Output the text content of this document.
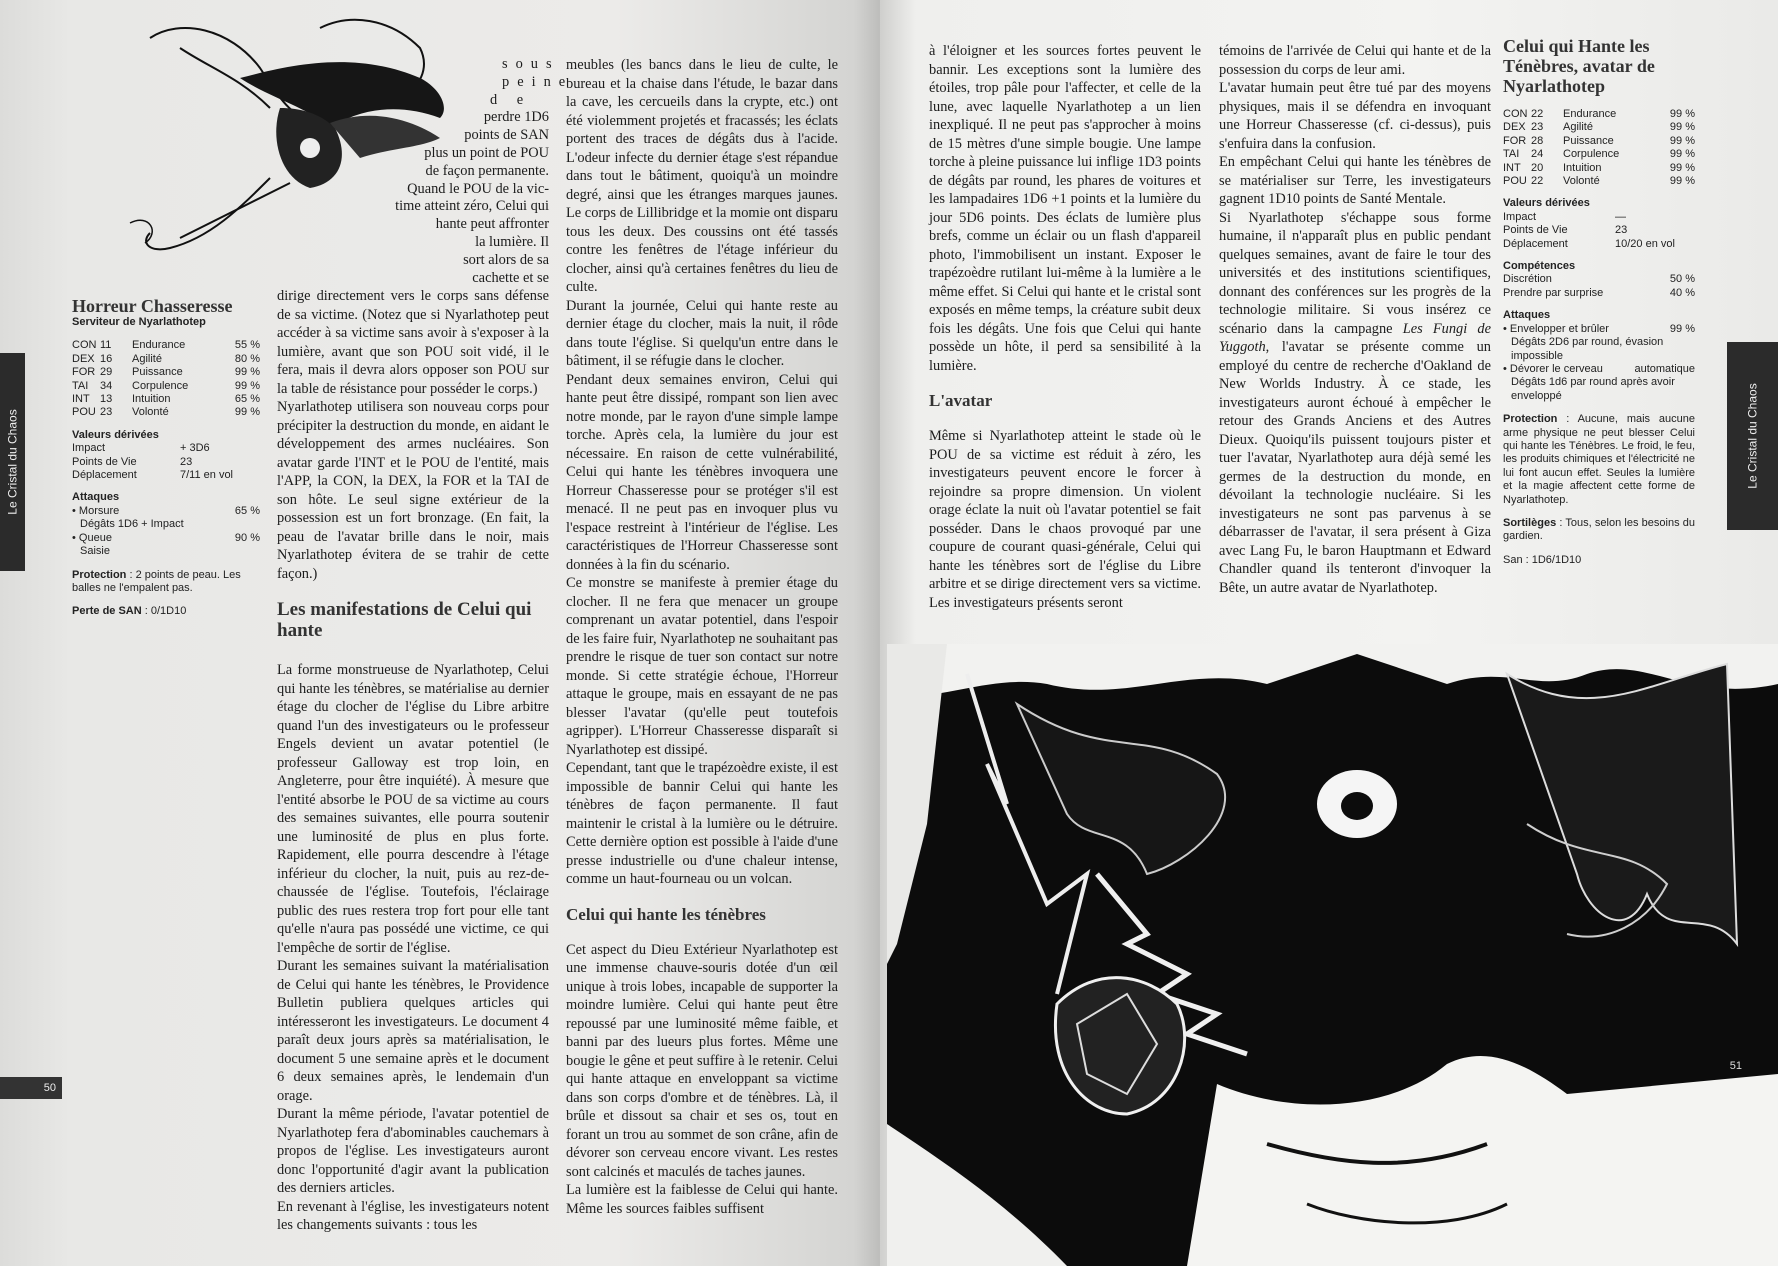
Le Cristal du Chaos
50
Horreur Chasseresse
Serviteur de Nyarlathotep
CON	11	Endurance	55 %
DEX	16	Agilité	80 %
FOR	29	Puissance	99 %
TAI	34	Corpulence	99 %
INT	13	Intuition	65 %
POU	23	Volonté	99 %
Valeurs dérivées
Impact	+ 3D6
Points de Vie	23
Déplacement	7/11 en vol
Attaques
• Morsure	65 %
Dégâts 1D6 + Impact
• Queue	90 %
Saisie
Protection : 2 points de peau. Les balles ne l'empalent pas.
Perte de SAN : 0/1D10
sous
peine
d e
perdre 1D6
points de SAN
plus un point de POU
de façon permanente.
Quand le POU de la vic-
time atteint zéro, Celui qui
hante peut affronter
la lumière. Il
sort alors de sa
cachette et se

dirige directement vers le corps sans défense de sa victime. (Notez que si Nyarlathotep peut accéder à sa victime sans avoir à s'exposer à la lumière, avant que son POU soit vidé, il le fera, mais il devra alors opposer son POU sur la table de résistance pour posséder le corps.)

Nyarlathotep utilisera son nouveau corps pour précipiter la destruction du monde, en aidant le développement des armes nucléaires. Son avatar garde l'INT et le POU de l'entité, mais l'APP, la CON, la DEX, la FOR et la TAI de son hôte. Le seul signe extérieur de la possession est un fort bronzage. (En fait, la peau de l'avatar brille dans le noir, mais Nyarlathotep évitera de se trahir de cette façon.)

Les manifestations de Celui qui hante

La forme monstrueuse de Nyarlathotep, Celui qui hante les ténèbres, se matérialise au dernier étage du clocher de l'église du Libre arbitre quand l'un des investigateurs ou le professeur Engels devient un avatar potentiel (le professeur Galloway est trop loin, en Angleterre, pour être inquiété). À mesure que l'entité absorbe le POU de sa victime au cours des semaines suivantes, elle pourra soutenir une luminosité de plus en plus forte. Rapidement, elle pourra descendre à l'étage inférieur du clocher, la nuit, puis au rez-de-chaussée de l'église. Toutefois, l'éclairage public des rues restera trop fort pour elle tant qu'elle n'aura pas possédé une victime, ce qui l'empêche de sortir de l'église.

Durant les semaines suivant la matérialisation de Celui qui hante les ténèbres, le Providence Bulletin publiera quelques articles qui intéresseront les investigateurs. Le document 4 paraît deux jours après sa matérialisation, le document 5 une semaine après et le document 6 deux semaines après, le lendemain d'un orage.

Durant la même période, l'avatar potentiel de Nyarlathotep fera d'abominables cauchemars à propos de l'église. Les investigateurs auront donc l'opportunité d'agir avant la publication des derniers articles.

En revenant à l'église, les investigateurs notent les changements suivants : tous les

meubles (les bancs dans le lieu de culte, le bureau et la chaise dans l'étude, le bazar dans la cave, les cercueils dans la crypte, etc.) ont été violemment projetés et fracassés; les éclats portent des traces de dégâts dus à l'acide. L'odeur infecte du dernier étage s'est répandue dans tout le bâtiment, quoiqu'à un moindre degré, ainsi que les étranges marques jaunes. Le corps de Lillibridge et la momie ont disparu tous les deux. Des coussins ont été tassés contre les fenêtres de l'étage inférieur du clocher, ainsi qu'à certaines fenêtres du lieu de culte.

Durant la journée, Celui qui hante reste au dernier étage du clocher, mais la nuit, il rôde dans toute l'église. Si quelqu'un entre dans le bâtiment, il se réfugie dans le clocher.

Pendant deux semaines environ, Celui qui hante peut être dissipé, rompant son lien avec notre monde, par le rayon d'une simple lampe torche. Après cela, la lumière du jour est nécessaire. En raison de cette vulnérabilité, Celui qui hante les ténèbres invoquera une Horreur Chasseresse pour se protéger s'il est menacé. Il ne peut pas en invoquer plus vu l'espace restreint à l'intérieur de l'église. Les caractéristiques de l'Horreur Chasseresse sont données à la fin du scénario.

Ce monstre se manifeste à premier étage du clocher. Il ne fera que menacer un groupe comprenant un avatar potentiel, dans l'espoir de les faire fuir, Nyarlathotep ne souhaitant pas prendre le risque de tuer son contact sur notre monde. Si cette stratégie échoue, l'Horreur attaque le groupe, mais en essayant de ne pas blesser l'avatar (qu'elle peut toutefois agripper). L'Horreur Chasseresse disparaît si Nyarlathotep est dissipé.

Cependant, tant que le trapézoèdre existe, il est impossible de bannir Celui qui hante les ténèbres de façon permanente. Il faut maintenir le cristal à la lumière ou le détruire. Cette dernière option est possible à l'aide d'une presse industrielle ou d'une chaleur intense, comme un haut-fourneau ou un volcan.

Celui qui hante les ténèbres

Cet aspect du Dieu Extérieur Nyarlathotep est une immense chauve-souris dotée d'un œil unique à trois lobes, incapable de supporter la moindre lumière. Celui qui hante peut être repoussé par une luminosité même faible, et banni par des lueurs plus fortes. Même une bougie le gêne et peut suffire à le retenir. Celui qui hante attaque en enveloppant sa victime dans son corps d'ombre et de ténèbres. Là, il brûle et dissout sa chair et ses os, tout en forant un trou au sommet de son crâne, afin de dévorer son cerveau encore vivant. Les restes sont calcinés et maculés de taches jaunes.

La lumière est la faiblesse de Celui qui hante. Même les sources faibles suffisent

à l'éloigner et les sources fortes peuvent le bannir. Les exceptions sont la lumière des étoiles, trop pâle pour l'affecter, et celle de la lune, avec laquelle Nyarlathotep a un lien inexpliqué. Il ne peut pas s'approcher à moins de 15 mètres d'une simple bougie. Une lampe torche à pleine puissance lui inflige 1D3 points de dégâts par round, les phares de voitures et les lampadaires 1D6 +1 points et la lumière du jour 5D6 points. Des éclats de lumière plus brefs, comme un éclair ou un flash d'appareil photo, l'immobilisent un instant. Exposer le trapézoèdre rutilant lui-même à la lumière a le même effet. Si Celui qui hante et le cristal sont exposés en même temps, la créature subit deux fois les dégâts. Une fois que Celui qui hante possède un hôte, il perd sa sensibilité à la lumière.

L'avatar

Même si Nyarlathotep atteint le stade où le POU de sa victime est réduit à zéro, les investigateurs peuvent encore le forcer à rejoindre sa propre dimension. Un violent orage éclate la nuit où l'avatar potentiel se fait posséder. Dans le chaos provoqué par une coupure de courant quasi-générale, Celui qui hante les ténèbres sort de l'église du Libre arbitre et se dirige directement vers sa victime. Les investigateurs présents seront

témoins de l'arrivée de Celui qui hante et de la possession du corps de leur ami.

L'avatar humain peut être tué par des moyens physiques, mais il se défendra en invoquant une Horreur Chasseresse (cf. ci-dessus), puis s'enfuira dans la confusion.

En empêchant Celui qui hante les ténèbres de se matérialiser sur Terre, les investigateurs gagnent 1D10 points de Santé Mentale.

Si Nyarlathotep s'échappe sous forme humaine, il n'apparaît plus en public pendant quelques semaines, avant de faire le tour des universités et des institutions scientifiques, donnant des conférences sur les progrès de la technologie militaire. Si vous insérez ce scénario dans la campagne Les Fungi de Yuggoth, l'avatar se présente comme un employé du centre de recherche d'Oakland de New Worlds Industry. À ce stade, les investigateurs auront échoué à empêcher le retour des Grands Anciens et des Autres Dieux. Quoiqu'ils puissent toujours pister et tuer l'avatar, Nyarlathotep aura déjà semé les germes de la destruction du monde, en dévoilant la technologie nucléaire. Si les investigateurs ne sont pas parvenus à se débarrasser de l'avatar, il sera présent à Giza avec Lang Fu, le baron Hauptmann et Edward Chandler quand ils tenteront d'invoquer la Bête, un autre avatar de Nyarlathotep.

Celui qui Hante les Ténèbres, avatar de Nyarlathotep
CON	22	Endurance	99 %
DEX	23	Agilité	99 %
FOR	28	Puissance	99 %
TAI	24	Corpulence	99 %
INT	20	Intuition	99 %
POU	22	Volonté	99 %
Valeurs dérivées
Impact	—
Points de Vie	23
Déplacement	10/20 en vol
Compétences
Discrétion	50 %
Prendre par surprise	40 %
Attaques
• Envelopper et brûler	99 %
Dégâts 2D6 par round, évasion impossible
• Dévorer le cerveau	automatique
Dégâts 1d6 par round après avoir enveloppé
Protection : Aucune, mais aucune arme physique ne peut blesser Celui qui hante les Ténèbres. Le froid, le feu, les produits chimiques et l'électricité ne lui font aucun effet. Seules la lumière et la magie affectent cette forme de Nyarlathotep.
Sortilèges : Tous, selon les besoins du gardien.
San : 1D6/1D10
Le Cristal du Chaos
51
